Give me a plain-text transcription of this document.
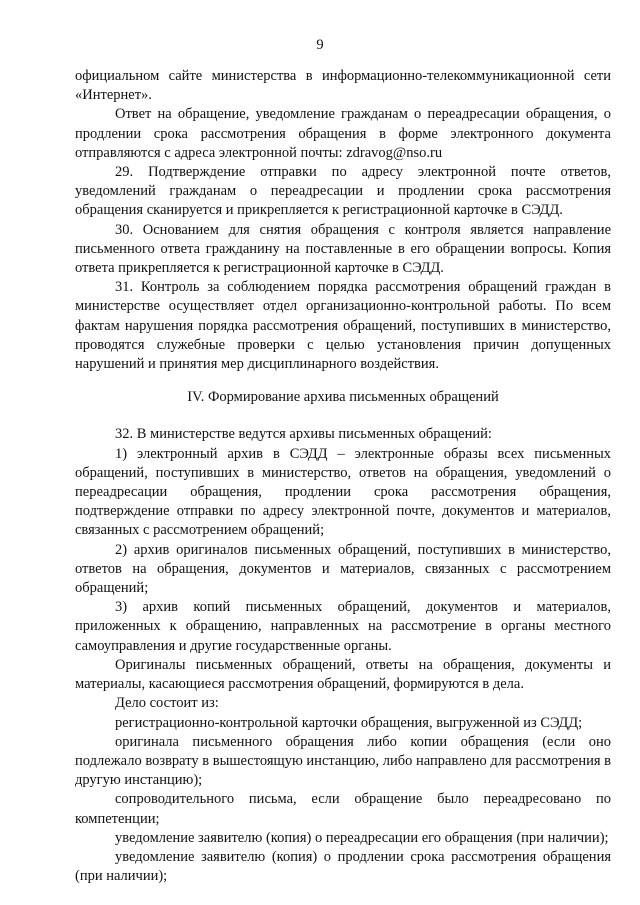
9

официальном сайте министерства в информационно-телекоммуникационной сети «Интернет».

Ответ на обращение, уведомление гражданам о переадресации обращения, о продлении срока рассмотрения обращения в форме электронного документа отправляются с адреса электронной почты: zdravog@nso.ru

29. Подтверждение отправки по адресу электронной почте ответов, уведомлений гражданам о переадресации и продлении срока рассмотрения обращения сканируется и прикрепляется к регистрационной карточке в СЭДД.

30. Основанием для снятия обращения с контроля является направление письменного ответа гражданину на поставленные в его обращении вопросы. Копия ответа прикрепляется к регистрационной карточке в СЭДД.

31. Контроль за соблюдением порядка рассмотрения обращений граждан в министерстве осуществляет отдел организационно-контрольной работы. По всем фактам нарушения порядка рассмотрения обращений, поступивших в министерство, проводятся служебные проверки с целью установления причин допущенных нарушений и принятия мер дисциплинарного воздействия.

IV. Формирование архива письменных обращений

32. В министерстве ведутся архивы письменных обращений:

1) электронный архив в СЭДД – электронные образы всех письменных обращений, поступивших в министерство, ответов на обращения, уведомлений о переадресации обращения, продлении срока рассмотрения обращения, подтверждение отправки по адресу электронной почте, документов и материалов, связанных с рассмотрением обращений;

2) архив оригиналов письменных обращений, поступивших в министерство, ответов на обращения, документов и материалов, связанных с рассмотрением обращений;

3) архив копий письменных обращений, документов и материалов, приложенных к обращению, направленных на рассмотрение в органы местного самоуправления и другие государственные органы.

Оригиналы письменных обращений, ответы на обращения, документы и материалы, касающиеся рассмотрения обращений, формируются в дела.

Дело состоит из:

регистрационно-контрольной карточки обращения, выгруженной из СЭДД;

оригинала письменного обращения либо копии обращения (если оно подлежало возврату в вышестоящую инстанцию, либо направлено для рассмотрения в другую инстанцию);

сопроводительного письма, если обращение было переадресовано по компетенции;

уведомление заявителю (копия) о переадресации его обращения (при наличии);

уведомление заявителю (копия) о продлении срока рассмотрения обращения (при наличии);
